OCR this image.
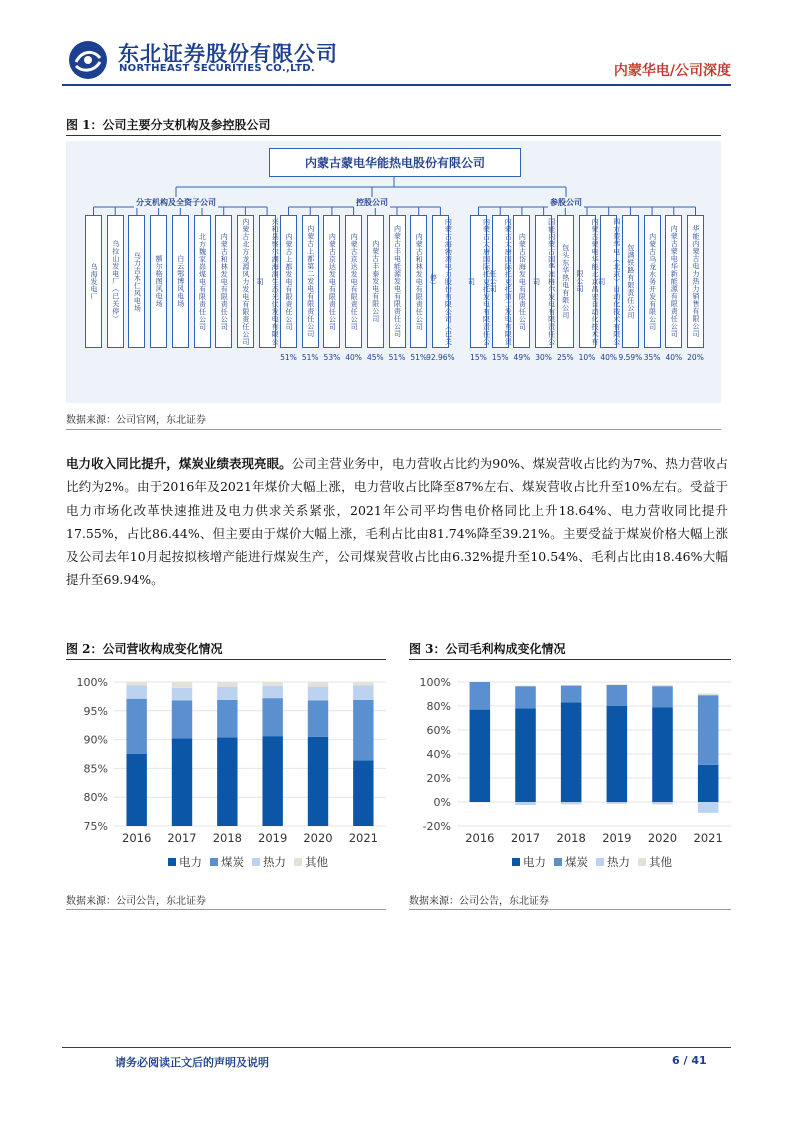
东北证券股份有限公司
NORTHEAST SECURITIES CO.,LTD.	内蒙华电/公司深度
图 1：公司主要分支机构及参控股公司
内蒙古蒙电华能热电股份有限公司
分支机构及全资子公司	控股公司	参股公司
乌海发电厂	乌拉山发电厂（已关停）	乌力吉木仁风电场	额尔格图风电场	白云鄂博风电场	北方魏家峁煤电有限责任公司	内蒙古和林发电有限责任公司	内蒙古北方龙源风力发电有限责任公司	兴和县察尔湖海润生态光伏发电有限公司	内蒙古上都发电有限责任公司
51%
内蒙古上都第二发电有限责任公司
51%
内蒙古京达发电有限责任公司
53%
内蒙古京达发电有限责任公司
40%
内蒙古丰泰发电有限公司
45%
内蒙古丰电能源发电有限责任公司
51%
内蒙古和林发电有限责任公司
51%
内蒙古海勃湾电力股份有限公司（已关停）
92.96%
内蒙古大唐国际托克托发电有限责任公司
15%
内蒙古大唐国际托克托第二发电有限责任公司
15%
内蒙古岱海发电有限责任公司
49%
国能内蒙古国华准格尔发电有限责任公司
30%
包头东华热电有限公司
25%
内蒙古蒙电华能北京昌宏自动化技术有限公司
10%
四方蒙华电（北京）自动化技术有限公司
40%
包满铁路有限责任公司
9.59%
内蒙古乌龙水务开发有限公司
35%
内蒙古蒙电华新能源有限责任公司
40%
华能内蒙古电力热力销售有限公司
20%
数据来源：公司官网，东北证券
电力收入同比提升，煤炭业绩表现亮眼。公司主营业务中，电力营收占比约为90%、煤炭营收占比约为7%、热力营收占比约为2%。由于2016年及2021年煤价大幅上涨，电力营收占比降至87%左右、煤炭营收占比升至10%左右。受益于电力市场化改革快速推进及电力供求关系紧张，2021年公司平均售电价格同比上升18.64%、电力营收同比提升17.55%，占比86.44%、但主要由于煤价大幅上涨，毛利占比由81.74%降至39.21%。主要受益于煤炭价格大幅上涨及公司去年10月起按拟核增产能进行煤炭生产，公司煤炭营收占比由6.32%提升至10.54%、毛利占比由18.46%大幅提升至69.94%。
图 2：公司营收构成变化情况
75%
80%
85%
90%
95%
100%
2016 2017 2018 2019 2020 2021
电力 煤炭 热力 其他
数据来源：公司公告，东北证券
图 3：公司毛利构成变化情况
-20%
0%
20%
40%
60%
80%
100%
2016 2017 2018 2019 2020 2021
电力 煤炭 热力 其他
数据来源：公司公告，东北证券
请务必阅读正文后的声明及说明	6 / 41
